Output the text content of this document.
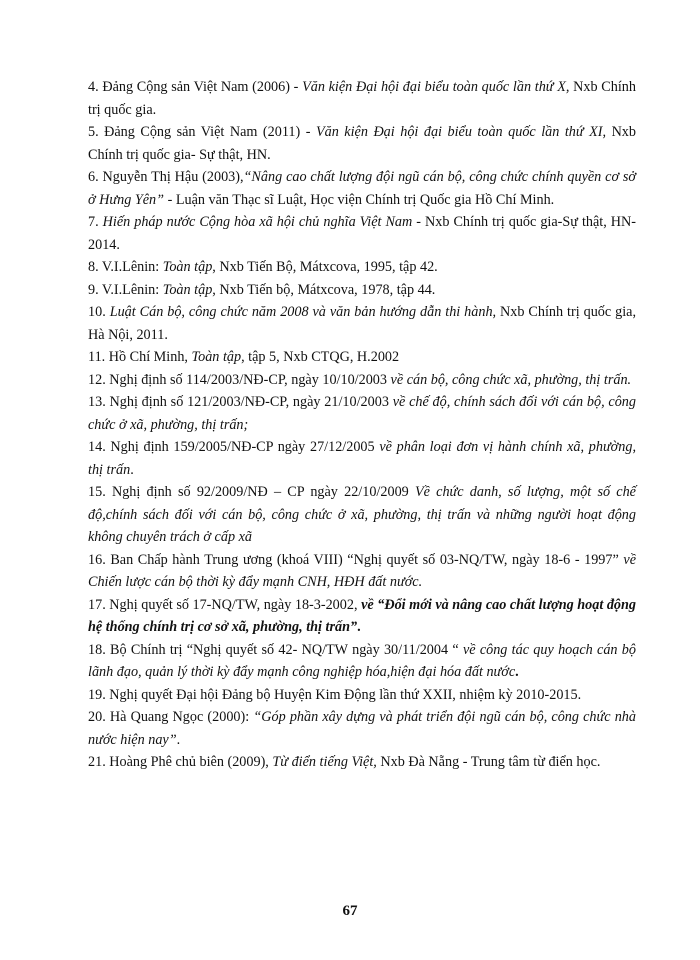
4. Đảng Cộng sản Việt Nam (2006) - Văn kiện Đại hội đại biểu toàn quốc lần thứ X, Nxb Chính trị quốc gia.

5. Đảng Cộng sản Việt Nam (2011) - Văn kiện Đại hội đại biểu toàn quốc lần thứ XI, Nxb Chính trị quốc gia- Sự thật, HN.

6. Nguyễn Thị Hậu (2003),“Nâng cao chất lượng đội ngũ cán bộ, công chức chính quyền cơ sở ở Hưng Yên” - Luận văn Thạc sĩ Luật, Học viện Chính trị Quốc gia Hồ Chí Minh.

7. Hiến pháp nước Cộng hòa xã hội chủ nghĩa Việt Nam - Nxb Chính trị quốc gia-Sự thật, HN- 2014.

8. V.I.Lênin: Toàn tập, Nxb Tiến Bộ, Mátxcova, 1995, tập 42.

9. V.I.Lênin: Toàn tập, Nxb Tiến bộ, Mátxcova, 1978, tập 44.

10. Luật Cán bộ, công chức năm 2008 và văn bản hướng dẫn thi hành, Nxb Chính trị quốc gia, Hà Nội, 2011.

11. Hồ Chí Minh, Toàn tập, tập 5, Nxb CTQG, H.2002

12. Nghị định số 114/2003/NĐ-CP, ngày 10/10/2003 về cán bộ, công chức xã, phường, thị trấn.

13. Nghị định số 121/2003/NĐ-CP, ngày 21/10/2003 về chế độ, chính sách đối với cán bộ, công chức ở xã, phường, thị trấn;

14. Nghị định 159/2005/NĐ-CP ngày 27/12/2005 về phân loại đơn vị hành chính xã, phường, thị trấn.

15. Nghị định số 92/2009/NĐ – CP ngày 22/10/2009 Về chức danh, số lượng, một số chế độ,chính sách đối với cán bộ, công chức ở xã, phường, thị trấn và những người hoạt động không chuyên trách ở cấp xã

16. Ban Chấp hành Trung ương (khoá VIII) “Nghị quyết số 03-NQ/TW, ngày 18-6 - 1997” về Chiến lược cán bộ thời kỳ đẩy mạnh CNH, HĐH đất nước.

17. Nghị quyết số 17-NQ/TW, ngày 18-3-2002, về “Đổi mới và nâng cao chất lượng hoạt động hệ thống chính trị cơ sở xã, phường, thị trấn”.

18. Bộ Chính trị “Nghị quyết số 42- NQ/TW ngày 30/11/2004 “ về công tác quy hoạch cán bộ lãnh đạo, quản lý thời kỳ đẩy mạnh công nghiệp hóa,hiện đại hóa đất nước.

19. Nghị quyết Đại hội Đảng bộ Huyện Kim Động lần thứ XXII, nhiệm kỳ 2010-2015.

20. Hà Quang Ngọc (2000): “Góp phần xây dựng và phát triển đội ngũ cán bộ, công chức nhà nước hiện nay”.

21. Hoàng Phê chủ biên (2009), Từ điển tiếng Việt, Nxb Đà Nẵng - Trung tâm từ điển học.

67
